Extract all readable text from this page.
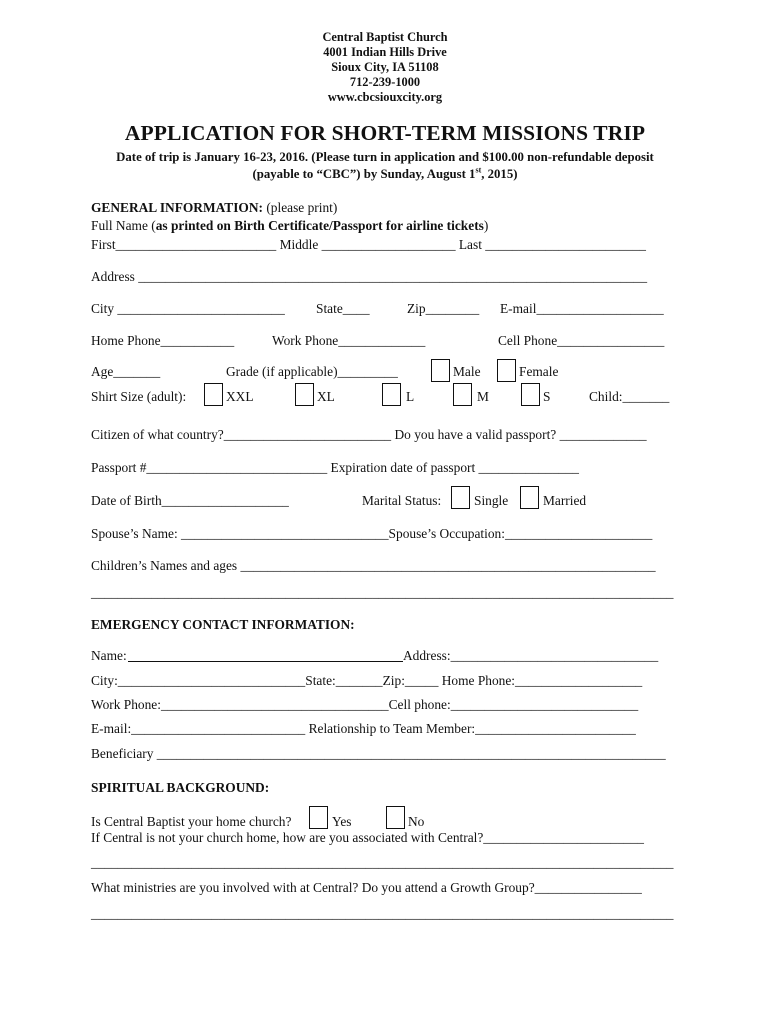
Central Baptist Church
4001 Indian Hills Drive
Sioux City, IA 51108
712-239-1000
www.cbcsiouxcity.org
APPLICATION FOR SHORT-TERM MISSIONS TRIP
Date of trip is January 16-23, 2016. (Please turn in application and $100.00 non-refundable deposit
(payable to “CBC”) by Sunday, August 1st, 2015)
GENERAL INFORMATION: (please print)
Full Name (as printed on Birth Certificate/Passport for airline tickets)
First________________________ Middle ____________________ Last ________________________
Address ____________________________________________________________________________
City _________________________ State____	Zip________ E-mail___________________
Home Phone___________	Work Phone_____________	Cell Phone________________
Age_______	Grade (if applicable)_________	Male	Female
Shirt Size (adult):	XXL	XL	L	M	S	Child:_______
Citizen of what country?_________________________ Do you have a valid passport? _____________
Passport #___________________________ Expiration date of passport _______________
Date of Birth___________________	Marital Status: Single	Married
Spouse’s Name: _______________________________Spouse’s Occupation:______________________
Children’s Names and ages ______________________________________________________________
_______________________________________________________________________________________
EMERGENCY CONTACT INFORMATION:
Name:	Address:_______________________________
City:____________________________State:_______Zip:_____ Home Phone:___________________
Work Phone:__________________________________Cell phone:____________________________
E-mail:__________________________ Relationship to Team Member:________________________
Beneficiary ____________________________________________________________________________
SPIRITUAL BACKGROUND:
Is Central Baptist your home church?	Yes	No
If Central is not your church home, how are you associated with Central?________________________
_______________________________________________________________________________________
What ministries are you involved with at Central? Do you attend a Growth Group?________________
_______________________________________________________________________________________
